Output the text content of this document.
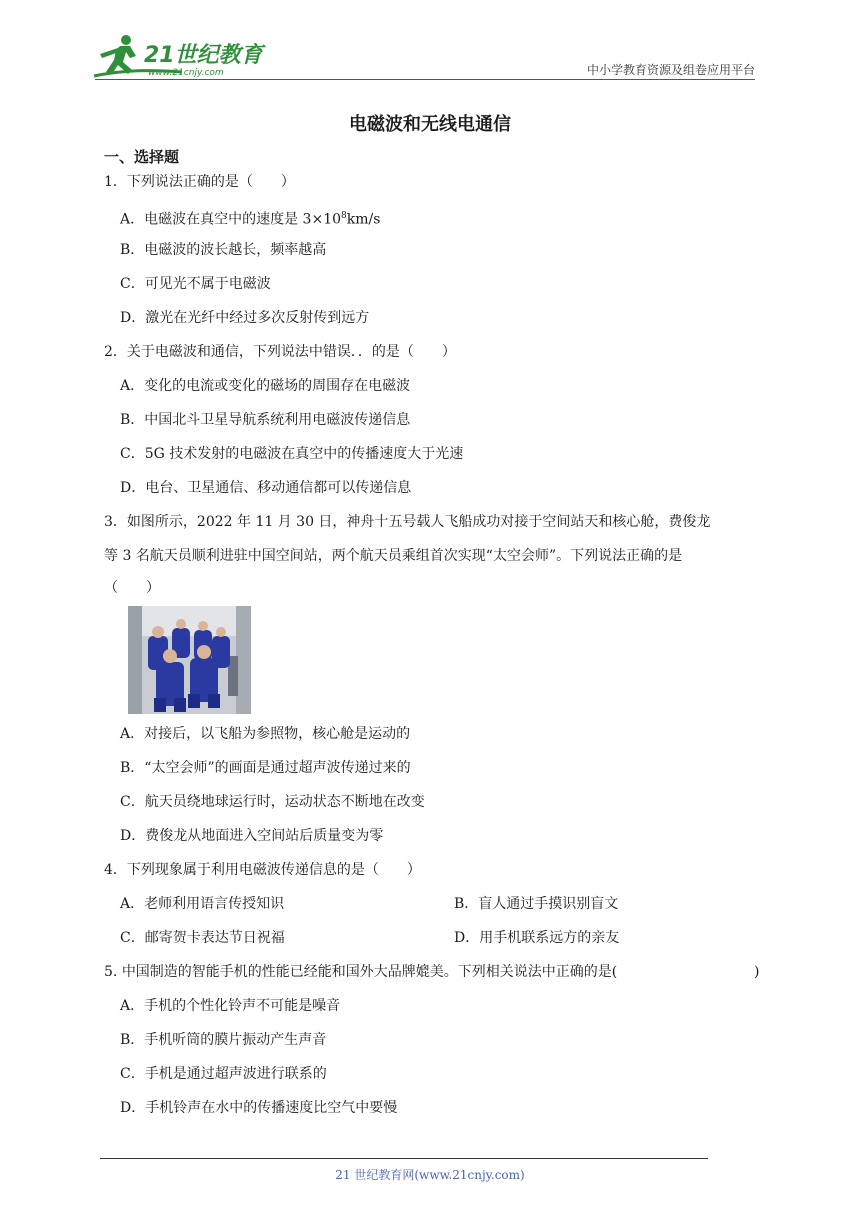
21世纪教育
www.21cnjy.com	中小学教育资源及组卷应用平台
电磁波和无线电通信
一、选择题
1．下列说法正确的是（　　）
A．电磁波在真空中的速度是 $3\times 10^8km/s$
B．电磁波的波长越长，频率越高
C．可见光不属于电磁波
D．激光在光纤中经过多次反射传到远方
2．关于电磁波和通信，下列说法中错误．．的是（　　）
A．变化的电流或变化的磁场的周围存在电磁波
B．中国北斗卫星导航系统利用电磁波传递信息
C．5G 技术发射的电磁波在真空中的传播速度大于光速
D．电台、卫星通信、移动通信都可以传递信息
3．如图所示，2022 年 11 月 30 日，神舟十五号载人飞船成功对接于空间站天和核心舱，费俊龙
等 3 名航天员顺利进驻中国空间站，两个航天员乘组首次实现“太空会师”。下列说法正确的是
（　　）
A．对接后，以飞船为参照物，核心舱是运动的
B．“太空会师”的画面是通过超声波传递过来的
C．航天员绕地球运行时，运动状态不断地在改变
D．费俊龙从地面进入空间站后质量变为零
4．下列现象属于利用电磁波传递信息的是（　　）
A．老师利用语言传授知识	B．盲人通过手摸识别盲文
C．邮寄贺卡表达节日祝福	D．用手机联系远方的亲友
5. 中国制造的智能手机的性能已经能和国外大品牌媲美。下列相关说法中正确的是(	)
A．手机的个性化铃声不可能是噪音
B．手机听筒的膜片振动产生声音
C．手机是通过超声波进行联系的
D．手机铃声在水中的传播速度比空气中要慢
21 世纪教育网(www.21cnjy.com)
